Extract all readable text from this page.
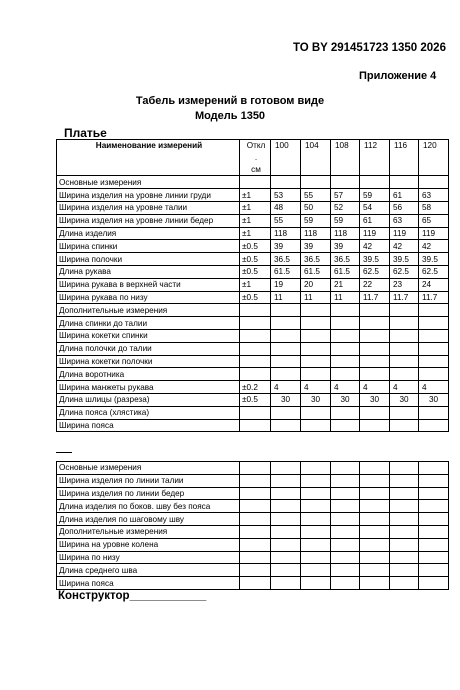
ТО BY 291451723 1350 2026
Приложение 4
Табель измерений в готовом виде
Модель 1350
Платье
Наименование измерений	Откл	100	104	108	112	116	120
	.						
	см						
Основные измерения							
Ширина изделия на уровне линии груди	±1	53	55	57	59	61	63
Ширина изделия на уровне талии	±1	48	50	52	54	56	58
Ширина изделия на уровне линии бедер	±1	55	59	59	61	63	65
Длина изделия	±1	118	118	118	119	119	119
Ширина спинки	±0.5	39	39	39	42	42	42
Ширина полочки	±0.5	36.5	36.5	36.5	39.5	39.5	39.5
Длина рукава	±0.5	61.5	61.5	61.5	62.5	62.5	62.5
Ширина рукава в верхней части	±1	19	20	21	22	23	24
Ширина рукава по низу	±0.5	11	11	11	11.7	11.7	11.7
Дополнительные измерения							
Длина спинки до талии							
Ширина кокетки спинки							
Длина полочки до талии							
Ширина кокетки полочки							
Длина воротника							
Ширина манжеты рукава	±0.2	4	4	4	4	4	4
Длина шлицы (разреза)	±0.5	30	30	30	30	30	30
Длина пояса (хлястика)							
Ширина пояса							
Основные измерения							
Ширина изделия по линии талии							
Ширина изделия по линии бедер							
Длина изделия по боков. шву без пояса							
Длина изделия по шаговому шву							
Дополнительные измерения							
Ширина на уровне колена							
Ширина по низу							
Длина среднего шва							
Ширина пояса							
Конструктор____________
